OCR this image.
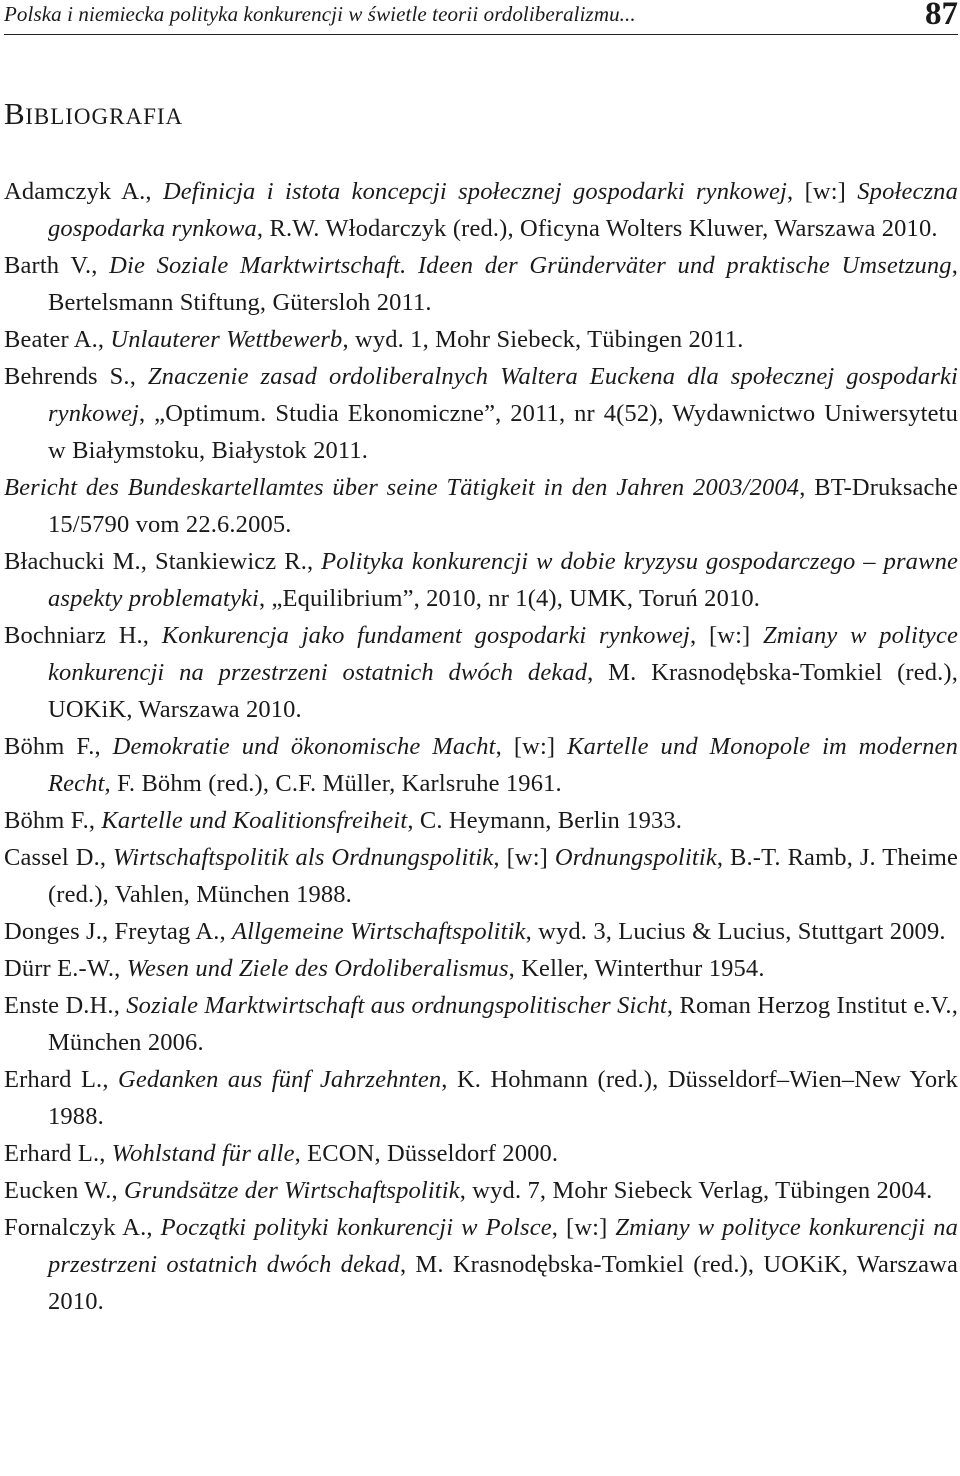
Polska i niemiecka polityka konkurencji w świetle teorii ordoliberalizmu...	87
BIBLIOGRAFIA

Adamczyk A., Definicja i istota koncepcji społecznej gospodarki rynkowej, [w:] Społeczna gospodarka rynkowa, R.W. Włodarczyk (red.), Oficyna Wolters Kluwer, Warszawa 2010.

Barth V., Die Soziale Marktwirtschaft. Ideen der Gründerväter und praktische Umsetzung, Bertelsmann Stiftung, Gütersloh 2011.

Beater A., Unlauterer Wettbewerb, wyd. 1, Mohr Siebeck, Tübingen 2011.

Behrends S., Znaczenie zasad ordoliberalnych Waltera Euckena dla społecznej gospodarki rynkowej, „Optimum. Studia Ekonomiczne”, 2011, nr 4(52), Wydawnictwo Uniwersytetu w Białymstoku, Białystok 2011.

Bericht des Bundeskartellamtes über seine Tätigkeit in den Jahren 2003/2004, BT-Druksache 15/5790 vom 22.6.2005.

Błachucki M., Stankiewicz R., Polityka konkurencji w dobie kryzysu gospodarczego – prawne aspekty problematyki, „Equilibrium”, 2010, nr 1(4), UMK, Toruń 2010.

Bochniarz H., Konkurencja jako fundament gospodarki rynkowej, [w:] Zmiany w polityce konkurencji na przestrzeni ostatnich dwóch dekad, M. Krasnodębska-Tomkiel (red.), UOKiK, Warszawa 2010.

Böhm F., Demokratie und ökonomische Macht, [w:] Kartelle und Monopole im modernen Recht, F. Böhm (red.), C.F. Müller, Karlsruhe 1961.

Böhm F., Kartelle und Koalitionsfreiheit, C. Heymann, Berlin 1933.

Cassel D., Wirtschaftspolitik als Ordnungspolitik, [w:] Ordnungspolitik, B.-T. Ramb, J. Theime (red.), Vahlen, München 1988.

Donges J., Freytag A., Allgemeine Wirtschaftspolitik, wyd. 3, Lucius & Lucius, Stuttgart 2009.

Dürr E.-W., Wesen und Ziele des Ordoliberalismus, Keller, Winterthur 1954.

Enste D.H., Soziale Marktwirtschaft aus ordnungspolitischer Sicht, Roman Herzog Institut e.V., München 2006.

Erhard L., Gedanken aus fünf Jahrzehnten, K. Hohmann (red.), Düsseldorf–Wien–New York 1988.

Erhard L., Wohlstand für alle, ECON, Düsseldorf 2000.

Eucken W., Grundsätze der Wirtschaftspolitik, wyd. 7, Mohr Siebeck Verlag, Tübingen 2004.

Fornalczyk A., Początki polityki konkurencji w Polsce, [w:] Zmiany w polityce konkurencji na przestrzeni ostatnich dwóch dekad, M. Krasnodębska-Tomkiel (red.), UOKiK, Warszawa 2010.
